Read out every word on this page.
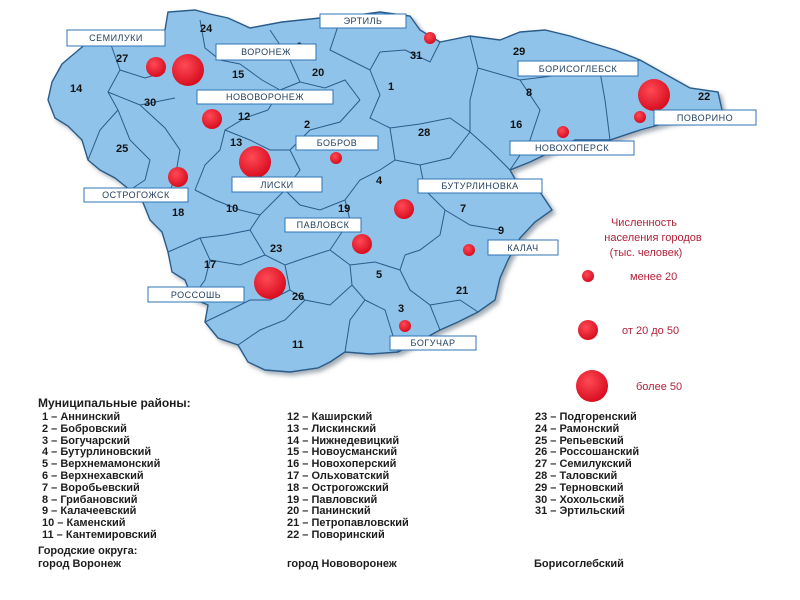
1
2
3
4
5
7
8
9
10
11
12
13
14
15
16
17
18	19
20
21
22
23
24
25
26
27
28
29
30
31
СЕМИЛУКИ
ВОРОНЕЖ
ЭРТИЛЬ
НОВОВОРОНЕЖ
БОРИСОГЛЕБСК
ПОВОРИНО
НОВОХОПЕРСК
БОБРОВ
ЛИСКИ
ОСТРОГОЖСК
БУТУРЛИНОВКА
ПАВЛОВСК
КАЛАЧ
РОССОШЬ
БОГУЧАР
Численность
населения городов
(тыс. человек)
менее 20
от 20 до 50
более 50
Муниципальные районы:
1 – Аннинский
2 – Бобровский
3 – Богучарский
4 – Бутурлиновский
5 – Верхнемамонский
6 – Верхнехавский
7 – Воробьевский
8 – Грибановский
9 – Калачеевский
10 – Каменский
11 – Кантемировский
12 – Каширский
13 – Лискинский
14 – Нижнедевицкий
15 – Новоусманский
16 – Новохоперский
17 – Ольховатский
18 – Острогожский
19 – Павловский
20 – Панинский
21 – Петропавловский
22 – Поворинский
23 – Подгоренский
24 – Рамонский
25 – Репьевский
26 – Россошанский
27 – Семилукский
28 – Таловский
29 – Терновский
30 – Хохольский
31 – Эртильский
Городские округа:
город Воронеж	город Нововоронеж	Борисоглебский
